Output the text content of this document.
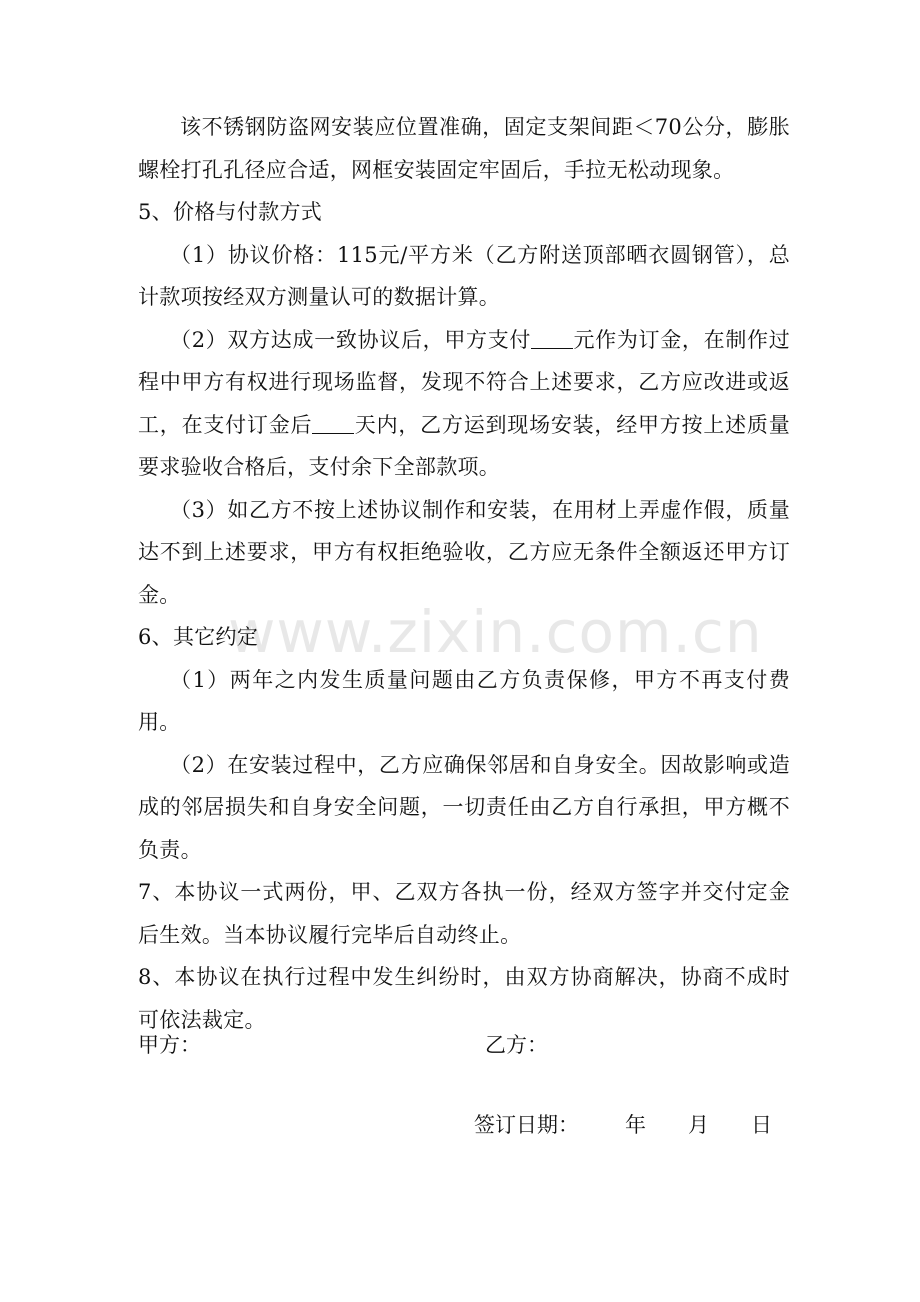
www.zixin.com.cn

该不锈钢防盗网安装应位置准确，固定支架间距＜70公分，膨胀螺栓打孔孔径应合适，网框安装固定牢固后，手拉无松动现象。

5、价格与付款方式

（1）协议价格：115元/平方米（乙方附送顶部晒衣圆钢管），总计款项按经双方测量认可的数据计算。

（2）双方达成一致协议后，甲方支付 元作为订金，在制作过程中甲方有权进行现场监督，发现不符合上述要求，乙方应改进或返工，在支付订金后 天内，乙方运到现场安装，经甲方按上述质量要求验收合格后，支付余下全部款项。

（3）如乙方不按上述协议制作和安装，在用材上弄虚作假，质量达不到上述要求，甲方有权拒绝验收，乙方应无条件全额返还甲方订金。

6、其它约定

（1）两年之内发生质量问题由乙方负责保修，甲方不再支付费用。

（2）在安装过程中，乙方应确保邻居和自身安全。因故影响或造成的邻居损失和自身安全问题，一切责任由乙方自行承担，甲方概不负责。

7、本协议一式两份，甲、乙双方各执一份，经双方签字并交付定金后生效。当本协议履行完毕后自动终止。

8、本协议在执行过程中发生纠纷时，由双方协商解决，协商不成时可依法裁定。

甲方：	乙方：
签订日期： 年 月 日
